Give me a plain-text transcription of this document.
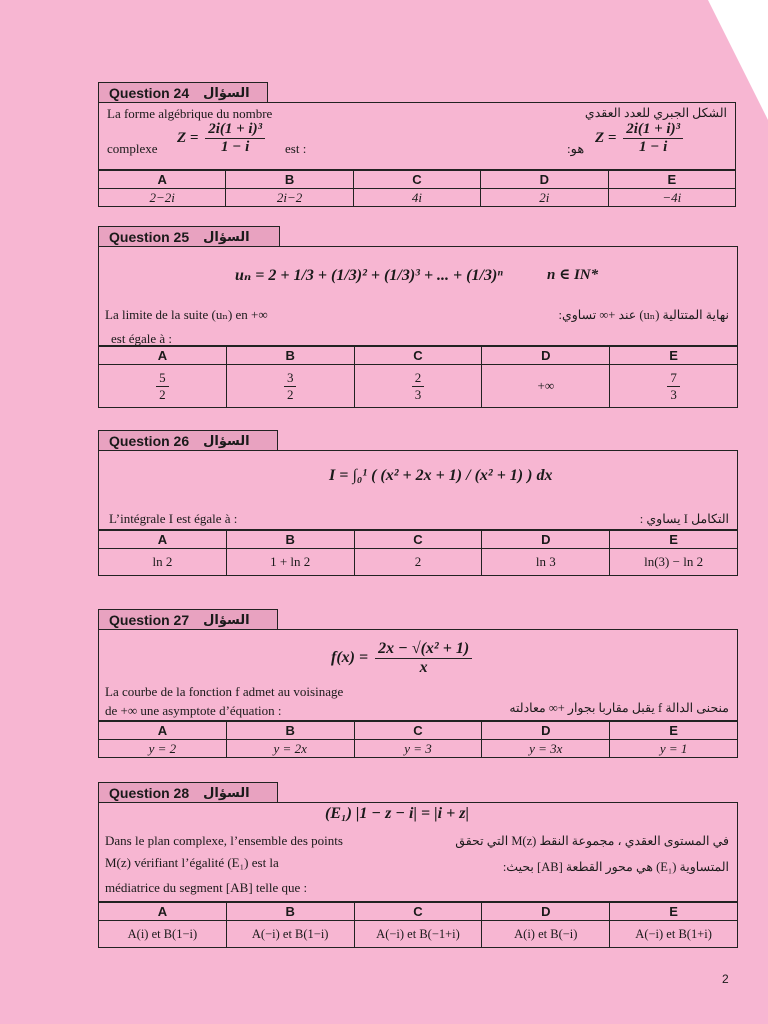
Question 24 السؤال
La forme algébrique du nombre
complexe
$Z = \frac{\text{2i(1 + i)³}}{1 - i}$ est :
الشكل الجبري للعدد العقدي
:هو
$Z = \frac{\text{2i(1 + i)³}}{1 - i}$
A	B	C	D	E
2−2i	2i−2	4i	2i	−4i
Question 25 السؤال
uₙ = 2 + 1/3 + (1/3)² + (1/3)³ + ... + (1/3)ⁿ	n ∈ IN*
La limite de la suite (uₙ) en +∞
est égale à :
نهاية المتتالية (uₙ) عند +∞ تساوي:
A	B	C	D	E

$\frac{5}{2}$	$\frac{3}{2}$	$\frac{2}{3}$	+∞	$\frac{7}{3}$
Question 26 السؤال
I = ∫₀¹ ( (x² + 2x + 1) / (x² + 1) ) dx
L’intégrale I est égale à :	التكامل I يساوي :
A	B	C	D	E
ln 2	1 + ln 2	2	ln 3	ln(3) − ln 2
Question 27 السؤال
$f(x) = \frac{\text{2x − √(x² + 1)}}{x}$
La courbe de la fonction f admet au voisinage
de +∞ une asymptote d’équation :	منحنى الدالة f يقبل مقاربا بجوار +∞ معادلته
A	B	C	D	E
y = 2	y = 2x	y = 3	y = 3x	y = 1
Question 28 السؤال
(E₁) |1 − z − i| = |i + z|
Dans le plan complexe, l’ensemble des points
M(z) vérifiant l’égalité (E₁) est la
médiatrice du segment [AB] telle que :
في المستوى العقدي ، مجموعة النقط M(z) التي تحقق
المتساوية (E₁) هي محور القطعة [AB] بحيث:
A	B	C	D	E
A(i) et B(1−i)	A(−i) et B(1−i)	A(−i) et B(−1+i)	A(i) et B(−i)	A(−i) et B(1+i)
2
